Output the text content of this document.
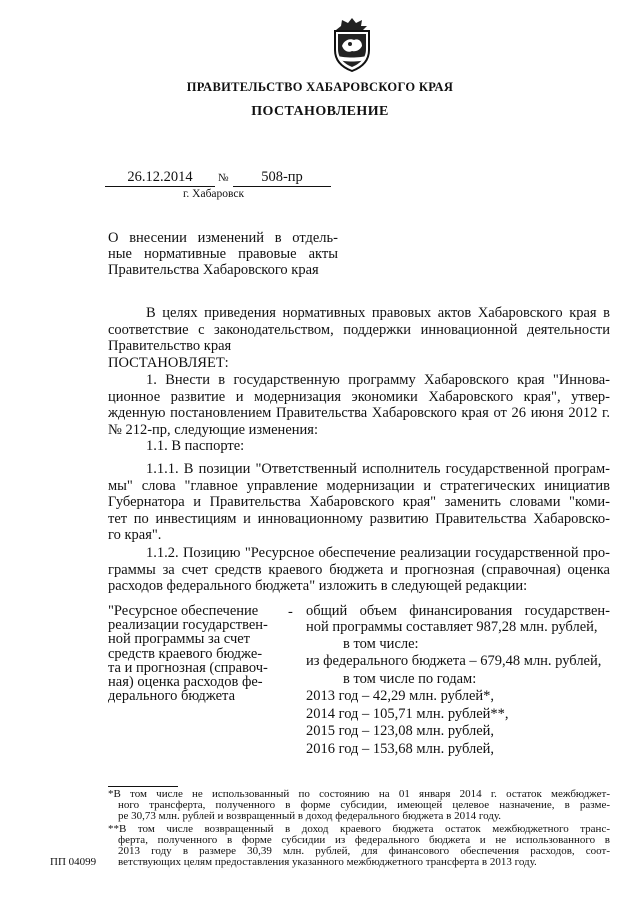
ПРАВИТЕЛЬСТВО ХАБАРОВСКОГО КРАЯ
ПОСТАНОВЛЕНИЕ
26.12.2014	№	508-пр
г. Хабаровск
О внесении изменений в отдель-
ные нормативные правовые акты
Правительства Хабаровского края
В целях приведения нормативных правовых актов Хабаровского края в
соответствие с законодательством, поддержки инновационной деятельности
Правительство края
ПОСТАНОВЛЯЕТ:
1. Внести в государственную программу Хабаровского края "Иннова-
ционное развитие и модернизация экономики Хабаровского края", утвер-
жденную постановлением Правительства Хабаровского края от 26 июня 2012 г.
№ 212-пр, следующие изменения:
1.1. В паспорте:
1.1.1. В позиции "Ответственный исполнитель государственной програм-
мы" слова "главное управление модернизации и стратегических инициатив
Губернатора и Правительства Хабаровского края" заменить словами "коми-
тет по инвестициям и инновационному развитию Правительства Хабаровско-
го края".
1.1.2. Позицию "Ресурсное обеспечение реализации государственной про-
граммы за счет средств краевого бюджета и прогнозная (справочная) оценка
расходов федерального бюджета" изложить в следующей редакции:
"Ресурсное обеспечение
реализации государствен-
ной программы за счет
средств краевого бюдже-
та и прогнозная (справоч-
ная) оценка расходов фе-
дерального бюджета
- общий объем финансирования государствен-
ной программы составляет 987,28 млн. рублей,
в том числе:
из федерального бюджета – 679,48 млн. рублей,
в том числе по годам:
2013 год – 42,29 млн. рублей*,
2014 год – 105,71 млн. рублей**,
2015 год – 123,08 млн. рублей,
2016 год – 153,68 млн. рублей,
*В том числе не использованный по состоянию на 01 января 2014 г. остаток межбюджет-
ного трансферта, полученного в форме субсидии, имеющей целевое назначение, в разме-
ре 30,73 млн. рублей и возвращенный в доход федерального бюджета в 2014 году.
**В том числе возвращенный в доход краевого бюджета остаток межбюджетного транс-
ферта, полученного в форме субсидии из федерального бюджета и не использованного в
2013 году в размере 30,39 млн. рублей, для финансового обеспечения расходов, соот-
ветствующих целям предоставления указанного межбюджетного трансферта в 2013 году.
ПП 04099
